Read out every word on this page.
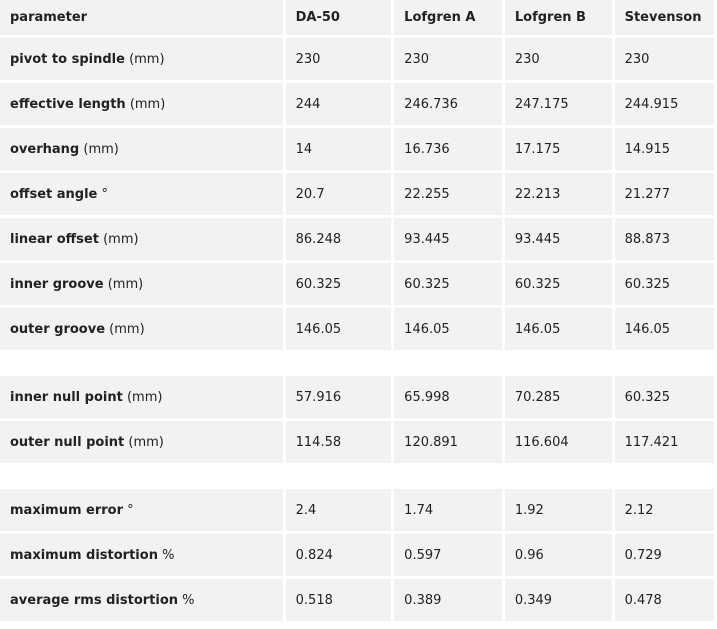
parameter	DA-50	Lofgren A	Lofgren B	Stevenson
pivot to spindle (mm)	230	230	230	230
effective length (mm)	244	246.736	247.175	244.915
overhang (mm)	14	16.736	17.175	14.915
offset angle °	20.7	22.255	22.213	21.277
linear offset (mm)	86.248	93.445	93.445	88.873
inner groove (mm)	60.325	60.325	60.325	60.325
outer groove (mm)	146.05	146.05	146.05	146.05

inner null point (mm)	57.916	65.998	70.285	60.325
outer null point (mm)	114.58	120.891	116.604	117.421

maximum error °	2.4	1.74	1.92	2.12
maximum distortion %	0.824	0.597	0.96	0.729
average rms distortion %	0.518	0.389	0.349	0.478
